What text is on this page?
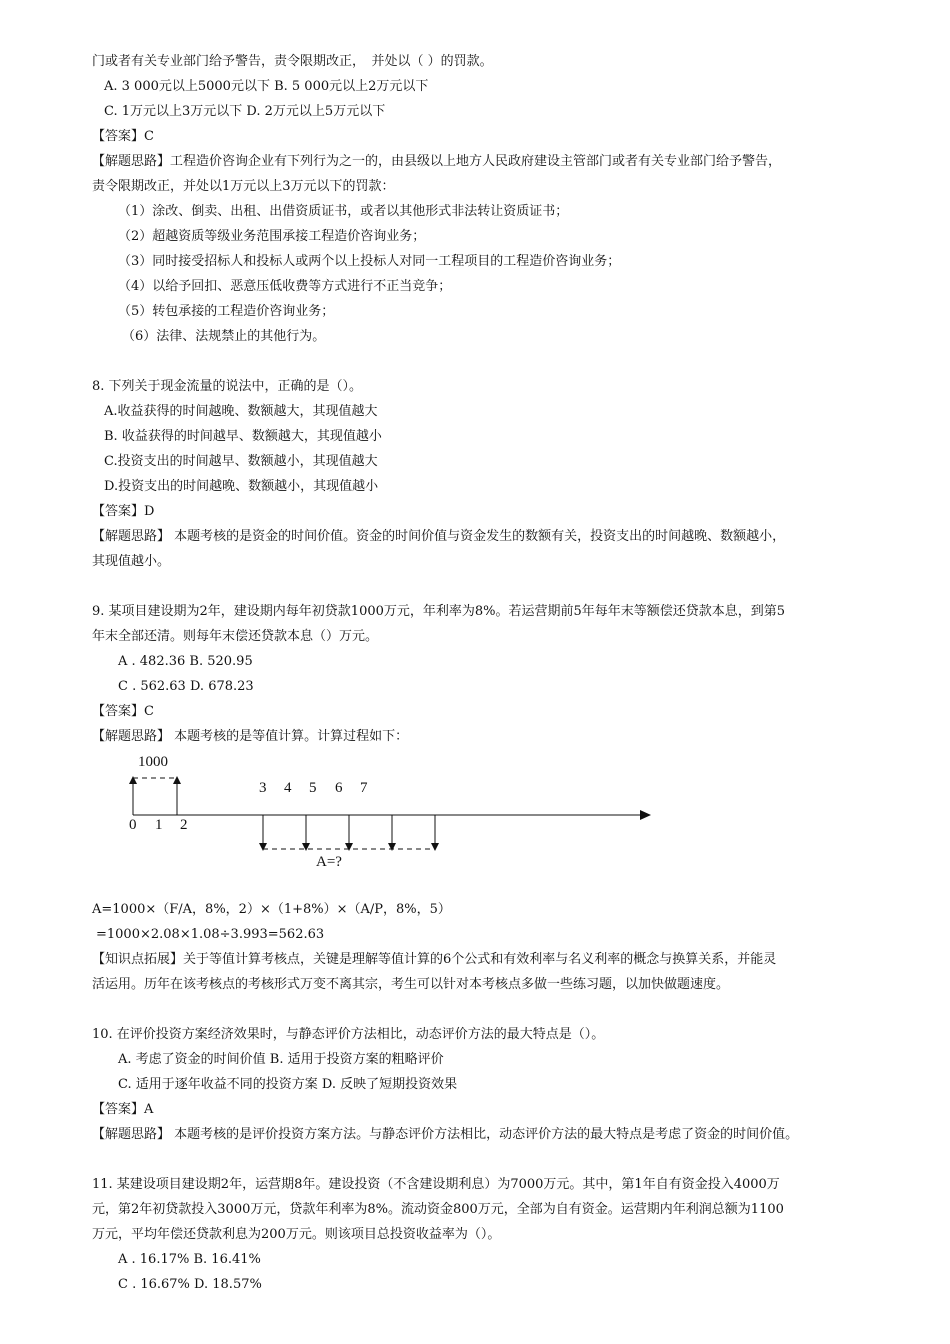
门或者有关专业部门给予警告，责令限期改正，　并处以（ ）的罚款。
A. 3 000元以上5000元以下 B. 5 000元以上2万元以下
C. 1万元以上3万元以下 D. 2万元以上5万元以下
【答案】C
【解题思路】工程造价咨询企业有下列行为之一的，由县级以上地方人民政府建设主管部门或者有关专业部门给予警告，
责令限期改正，并处以1万元以上3万元以下的罚款：
（1）涂改、倒卖、出租、出借资质证书，或者以其他形式非法转让资质证书；
（2）超越资质等级业务范围承接工程造价咨询业务；
（3）同时接受招标人和投标人或两个以上投标人对同一工程项目的工程造价咨询业务；
（4）以给予回扣、恶意压低收费等方式进行不正当竞争；
（5）转包承接的工程造价咨询业务；
（6）法律、法规禁止的其他行为。
8. 下列关于现金流量的说法中，正确的是（）。
A.收益获得的时间越晚、数额越大，其现值越大
B. 收益获得的时间越早、数额越大，其现值越小
C.投资支出的时间越早、数额越小，其现值越大
D.投资支出的时间越晚、数额越小，其现值越小
【答案】D
【解题思路】 本题考核的是资金的时间价值。资金的时间价值与资金发生的数额有关，投资支出的时间越晚、数额越小，
其现值越小。
9. 某项目建设期为2年，建设期内每年初贷款1000万元，年利率为8%。若运营期前5年每年末等额偿还贷款本息，到第5
年末全部还清。则每年末偿还贷款本息（）万元。
A . 482.36 B. 520.95
C . 562.63 D. 678.23
【答案】C
【解题思路】 本题考核的是等值计算。计算过程如下：
1000
0 1 2
3 4 5 6 7
A=?
A=1000×（F/A，8%，2）×（1+8%）×（A/P，8%，5）
=1000×2.08×1.08÷3.993=562.63
【知识点拓展】关于等值计算考核点，关键是理解等值计算的6个公式和有效利率与名义利率的概念与换算关系，并能灵
活运用。历年在该考核点的考核形式万变不离其宗，考生可以针对本考核点多做一些练习题，以加快做题速度。
10. 在评价投资方案经济效果时，与静态评价方法相比，动态评价方法的最大特点是（）。
A. 考虑了资金的时间价值 B. 适用于投资方案的粗略评价
C. 适用于逐年收益不同的投资方案 D. 反映了短期投资效果
【答案】A
【解题思路】 本题考核的是评价投资方案方法。与静态评价方法相比，动态评价方法的最大特点是考虑了资金的时间价值。
11. 某建设项目建设期2年，运营期8年。建设投资（不含建设期利息）为7000万元。其中，第1年自有资金投入4000万
元，第2年初贷款投入3000万元，贷款年利率为8%。流动资金800万元，全部为自有资金。运营期内年利润总额为1100
万元，平均年偿还贷款利息为200万元。则该项目总投资收益率为（）。
A . 16.17% B. 16.41%
C . 16.67% D. 18.57%
